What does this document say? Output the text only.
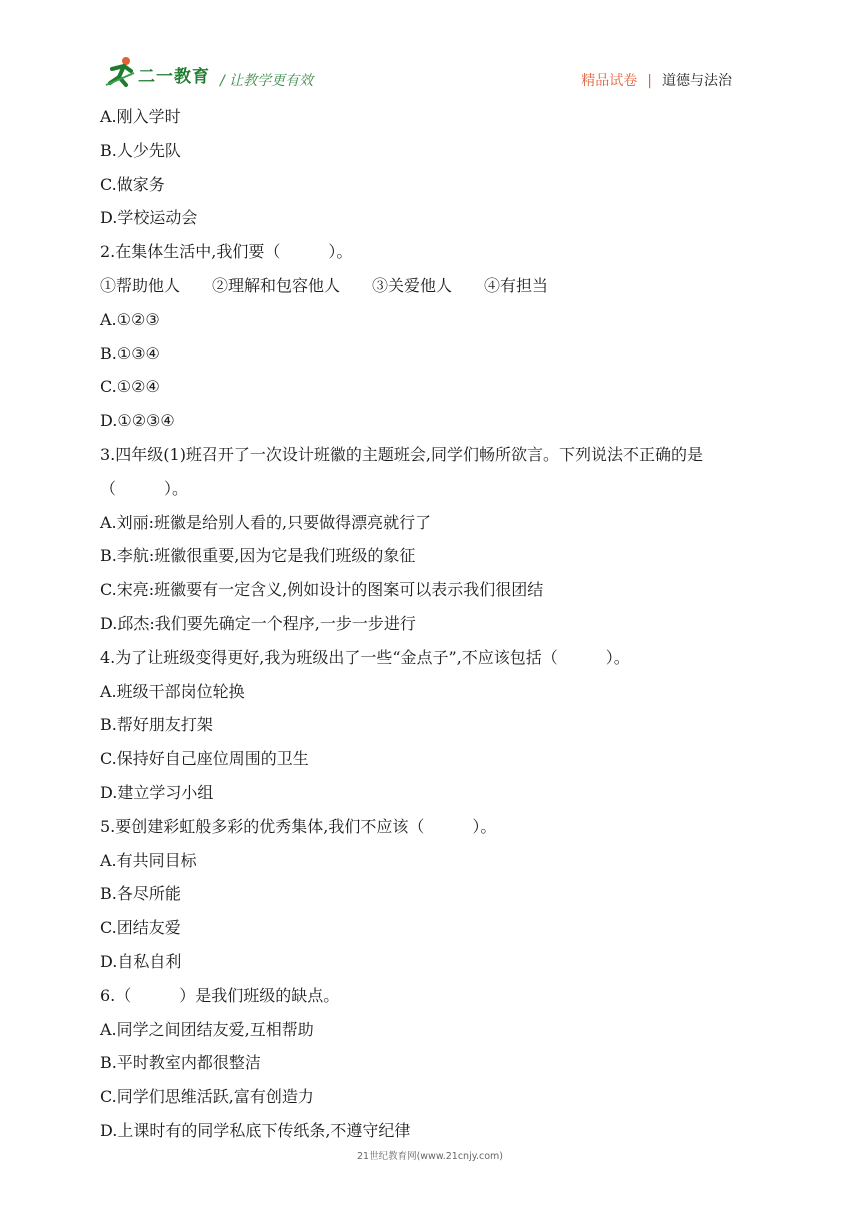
二一教育 / 让教学更有效	精品试卷 | 道德与法治
A.刚入学时
B.人少先队
C.做家务
D.学校运动会
2.在集体生活中,我们要（　　　）。
①帮助他人　　②理解和包容他人　　③关爱他人　　④有担当
A.①②③
B.①③④
C.①②④
D.①②③④
3.四年级(1)班召开了一次设计班徽的主题班会,同学们畅所欲言。下列说法不正确的是
（　　　）。
A.刘丽:班徽是给别人看的,只要做得漂亮就行了
B.李航:班徽很重要,因为它是我们班级的象征
C.宋亮:班徽要有一定含义,例如设计的图案可以表示我们很团结
D.邱杰:我们要先确定一个程序,一步一步进行
4.为了让班级变得更好,我为班级出了一些“金点子”,不应该包括（　　　）。
A.班级干部岗位轮换
B.帮好朋友打架
C.保持好自己座位周围的卫生
D.建立学习小组
5.要创建彩虹般多彩的优秀集体,我们不应该（　　　）。
A.有共同目标
B.各尽所能
C.团结友爱
D.自私自利
6.（　　　）是我们班级的缺点。
A.同学之间团结友爱,互相帮助
B.平时教室内都很整洁
C.同学们思维活跃,富有创造力
D.上课时有的同学私底下传纸条,不遵守纪律
21世纪教育网(www.21cnjy.com)
